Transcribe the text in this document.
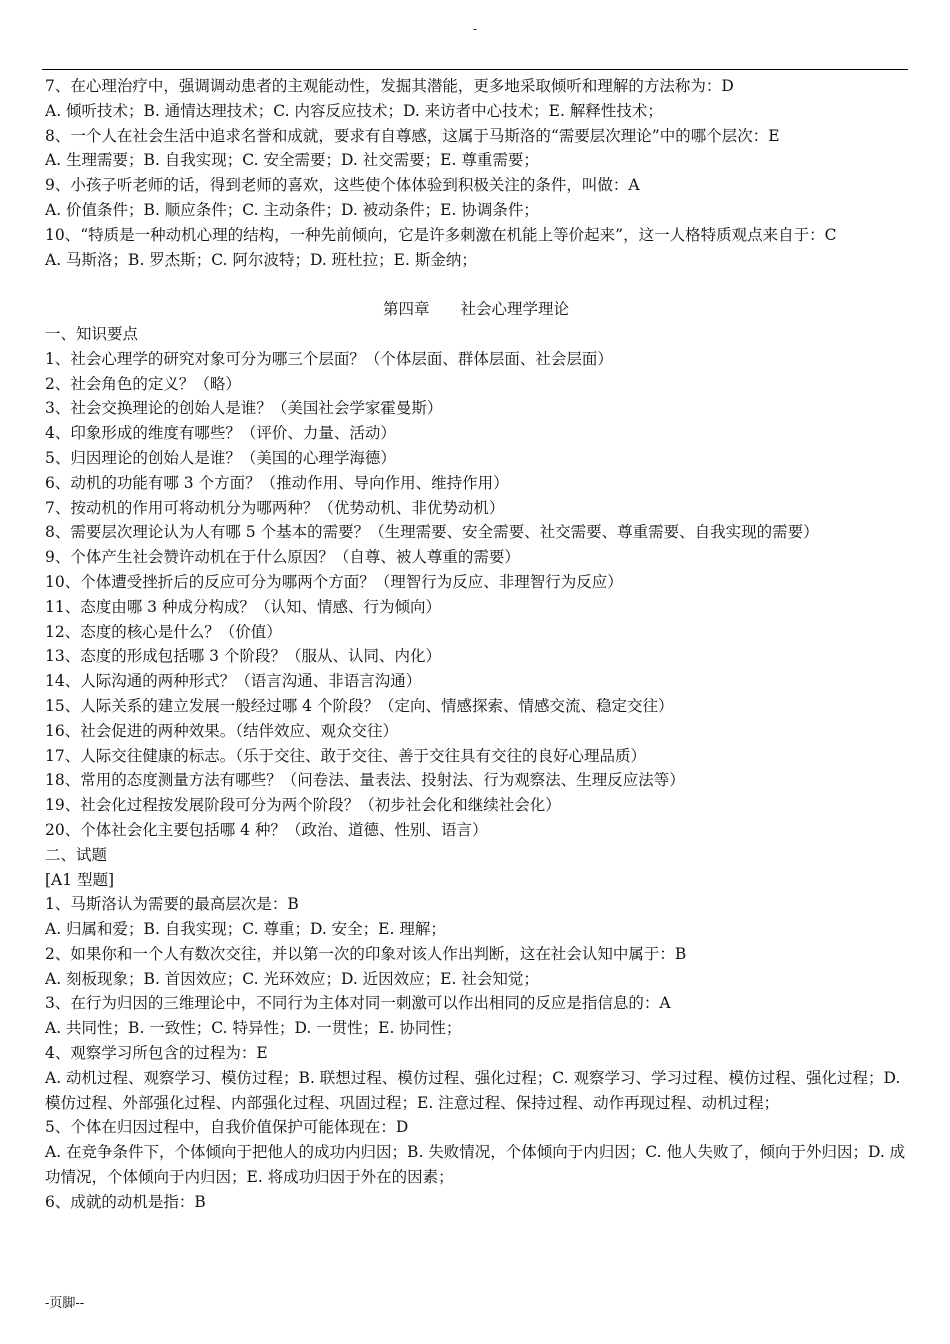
-
7、在心理治疗中，强调调动患者的主观能动性，发掘其潜能，更多地采取倾听和理解的方法称为：D
A. 倾听技术；B. 通情达理技术；C. 内容反应技术；D. 来访者中心技术；E. 解释性技术；
8、一个人在社会生活中追求名誉和成就，要求有自尊感，这属于马斯洛的“需要层次理论”中的哪个层次：E
A. 生理需要；B. 自我实现；C. 安全需要；D. 社交需要；E. 尊重需要；
9、小孩子听老师的话，得到老师的喜欢，这些使个体体验到积极关注的条件，叫做：A
A. 价值条件；B. 顺应条件；C. 主动条件；D. 被动条件；E. 协调条件；
10、“特质是一种动机心理的结构，一种先前倾向，它是许多刺激在机能上等价起来”，这一人格特质观点来自于：C
A. 马斯洛；B. 罗杰斯；C. 阿尔波特；D. 班杜拉；E. 斯金纳；
第四章　　社会心理学理论
一、知识要点
1、社会心理学的研究对象可分为哪三个层面？（个体层面、群体层面、社会层面）
2、社会角色的定义？（略）
3、社会交换理论的创始人是谁？（美国社会学家霍曼斯）
4、印象形成的维度有哪些？（评价、力量、活动）
5、归因理论的创始人是谁？（美国的心理学海德）
6、动机的功能有哪 3 个方面？（推动作用、导向作用、维持作用）
7、按动机的作用可将动机分为哪两种？（优势动机、非优势动机）
8、需要层次理论认为人有哪 5 个基本的需要？（生理需要、安全需要、社交需要、尊重需要、自我实现的需要）
9、个体产生社会赞许动机在于什么原因？（自尊、被人尊重的需要）
10、个体遭受挫折后的反应可分为哪两个方面？（理智行为反应、非理智行为反应）
11、态度由哪 3 种成分构成？（认知、情感、行为倾向）
12、态度的核心是什么？（价值）
13、态度的形成包括哪 3 个阶段？（服从、认同、内化）
14、人际沟通的两种形式？（语言沟通、非语言沟通）
15、人际关系的建立发展一般经过哪 4 个阶段？（定向、情感探索、情感交流、稳定交往）
16、社会促进的两种效果。（结伴效应、观众交往）
17、人际交往健康的标志。（乐于交往、敢于交往、善于交往具有交往的良好心理品质）
18、常用的态度测量方法有哪些？（问卷法、量表法、投射法、行为观察法、生理反应法等）
19、社会化过程按发展阶段可分为两个阶段？（初步社会化和继续社会化）
20、个体社会化主要包括哪 4 种？（政治、道德、性别、语言）
二、试题
[A1 型题]
1、马斯洛认为需要的最高层次是：B
A. 归属和爱；B. 自我实现；C. 尊重；D. 安全；E. 理解；
2、如果你和一个人有数次交往，并以第一次的印象对该人作出判断，这在社会认知中属于：B
A. 刻板现象；B. 首因效应；C. 光环效应；D. 近因效应；E. 社会知觉；
3、在行为归因的三维理论中，不同行为主体对同一刺激可以作出相同的反应是指信息的：A
A. 共同性；B. 一致性；C. 特异性；D. 一贯性；E. 协同性；
4、观察学习所包含的过程为：E
A. 动机过程、观察学习、模仿过程；B. 联想过程、模仿过程、强化过程；C. 观察学习、学习过程、模仿过程、强化过程；D. 模仿过程、外部强化过程、内部强化过程、巩固过程；E. 注意过程、保持过程、动作再现过程、动机过程；
5、个体在归因过程中，自我价值保护可能体现在：D
A. 在竞争条件下，个体倾向于把他人的成功内归因；B. 失败情况，个体倾向于内归因；C. 他人失败了，倾向于外归因；D. 成功情况，个体倾向于内归因；E. 将成功归因于外在的因素；
6、成就的动机是指：B
-页脚--
